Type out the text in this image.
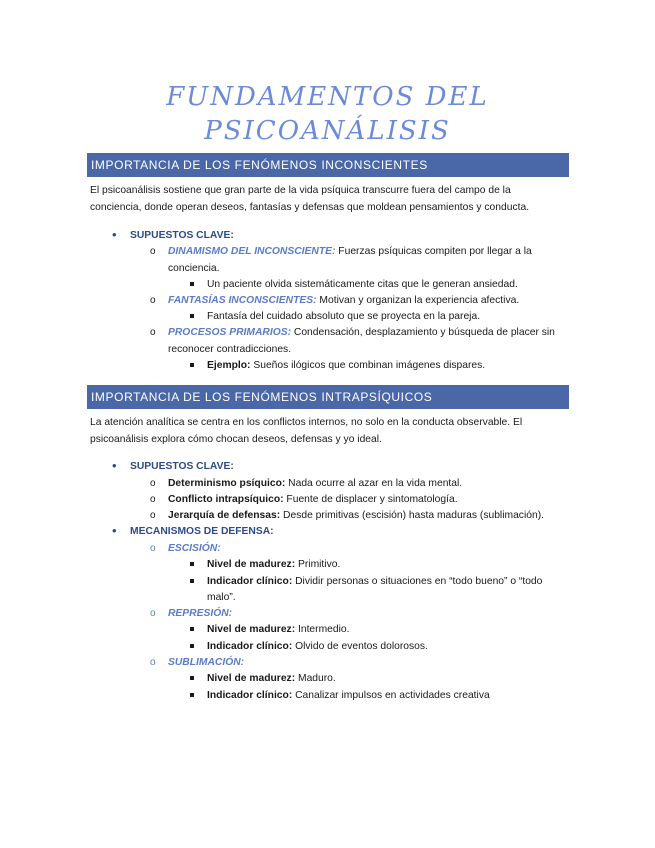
FUNDAMENTOS DEL
PSICOANÁLISIS
IMPORTANCIA DE LOS FENÓMENOS INCONSCIENTES
El psicoanálisis sostiene que gran parte de la vida psíquica transcurre fuera del campo de la
conciencia, donde operan deseos, fantasías y defensas que moldean pensamientos y conducta.
• SUPUESTOS CLAVE:
o DINAMISMO DEL INCONSCIENTE: Fuerzas psíquicas compiten por llegar a la
conciencia.
Un paciente olvida sistemáticamente citas que le generan ansiedad.
o FANTASÍAS INCONSCIENTES: Motivan y organizan la experiencia afectiva.
Fantasía del cuidado absoluto que se proyecta en la pareja.
o PROCESOS PRIMARIOS: Condensación, desplazamiento y búsqueda de placer sin
reconocer contradicciones.
Ejemplo: Sueños ilógicos que combinan imágenes dispares.
IMPORTANCIA DE LOS FENÓMENOS INTRAPSÍQUICOS
La atención analítica se centra en los conflictos internos, no solo en la conducta observable. El
psicoanálisis explora cómo chocan deseos, defensas y yo ideal.
• SUPUESTOS CLAVE:
o Determinismo psíquico: Nada ocurre al azar en la vida mental.
o Conflicto intrapsíquico: Fuente de displacer y sintomatología.
o Jerarquía de defensas: Desde primitivas (escisión) hasta maduras (sublimación).
• MECANISMOS DE DEFENSA:
o ESCISIÓN:
Nivel de madurez: Primitivo.
Indicador clínico: Dividir personas o situaciones en “todo bueno” o “todo
malo”.
o REPRESIÓN:
Nivel de madurez: Intermedio.
Indicador clínico: Olvido de eventos dolorosos.
o SUBLIMACIÓN:
Nivel de madurez: Maduro.
Indicador clínico: Canalizar impulsos en actividades creativa
